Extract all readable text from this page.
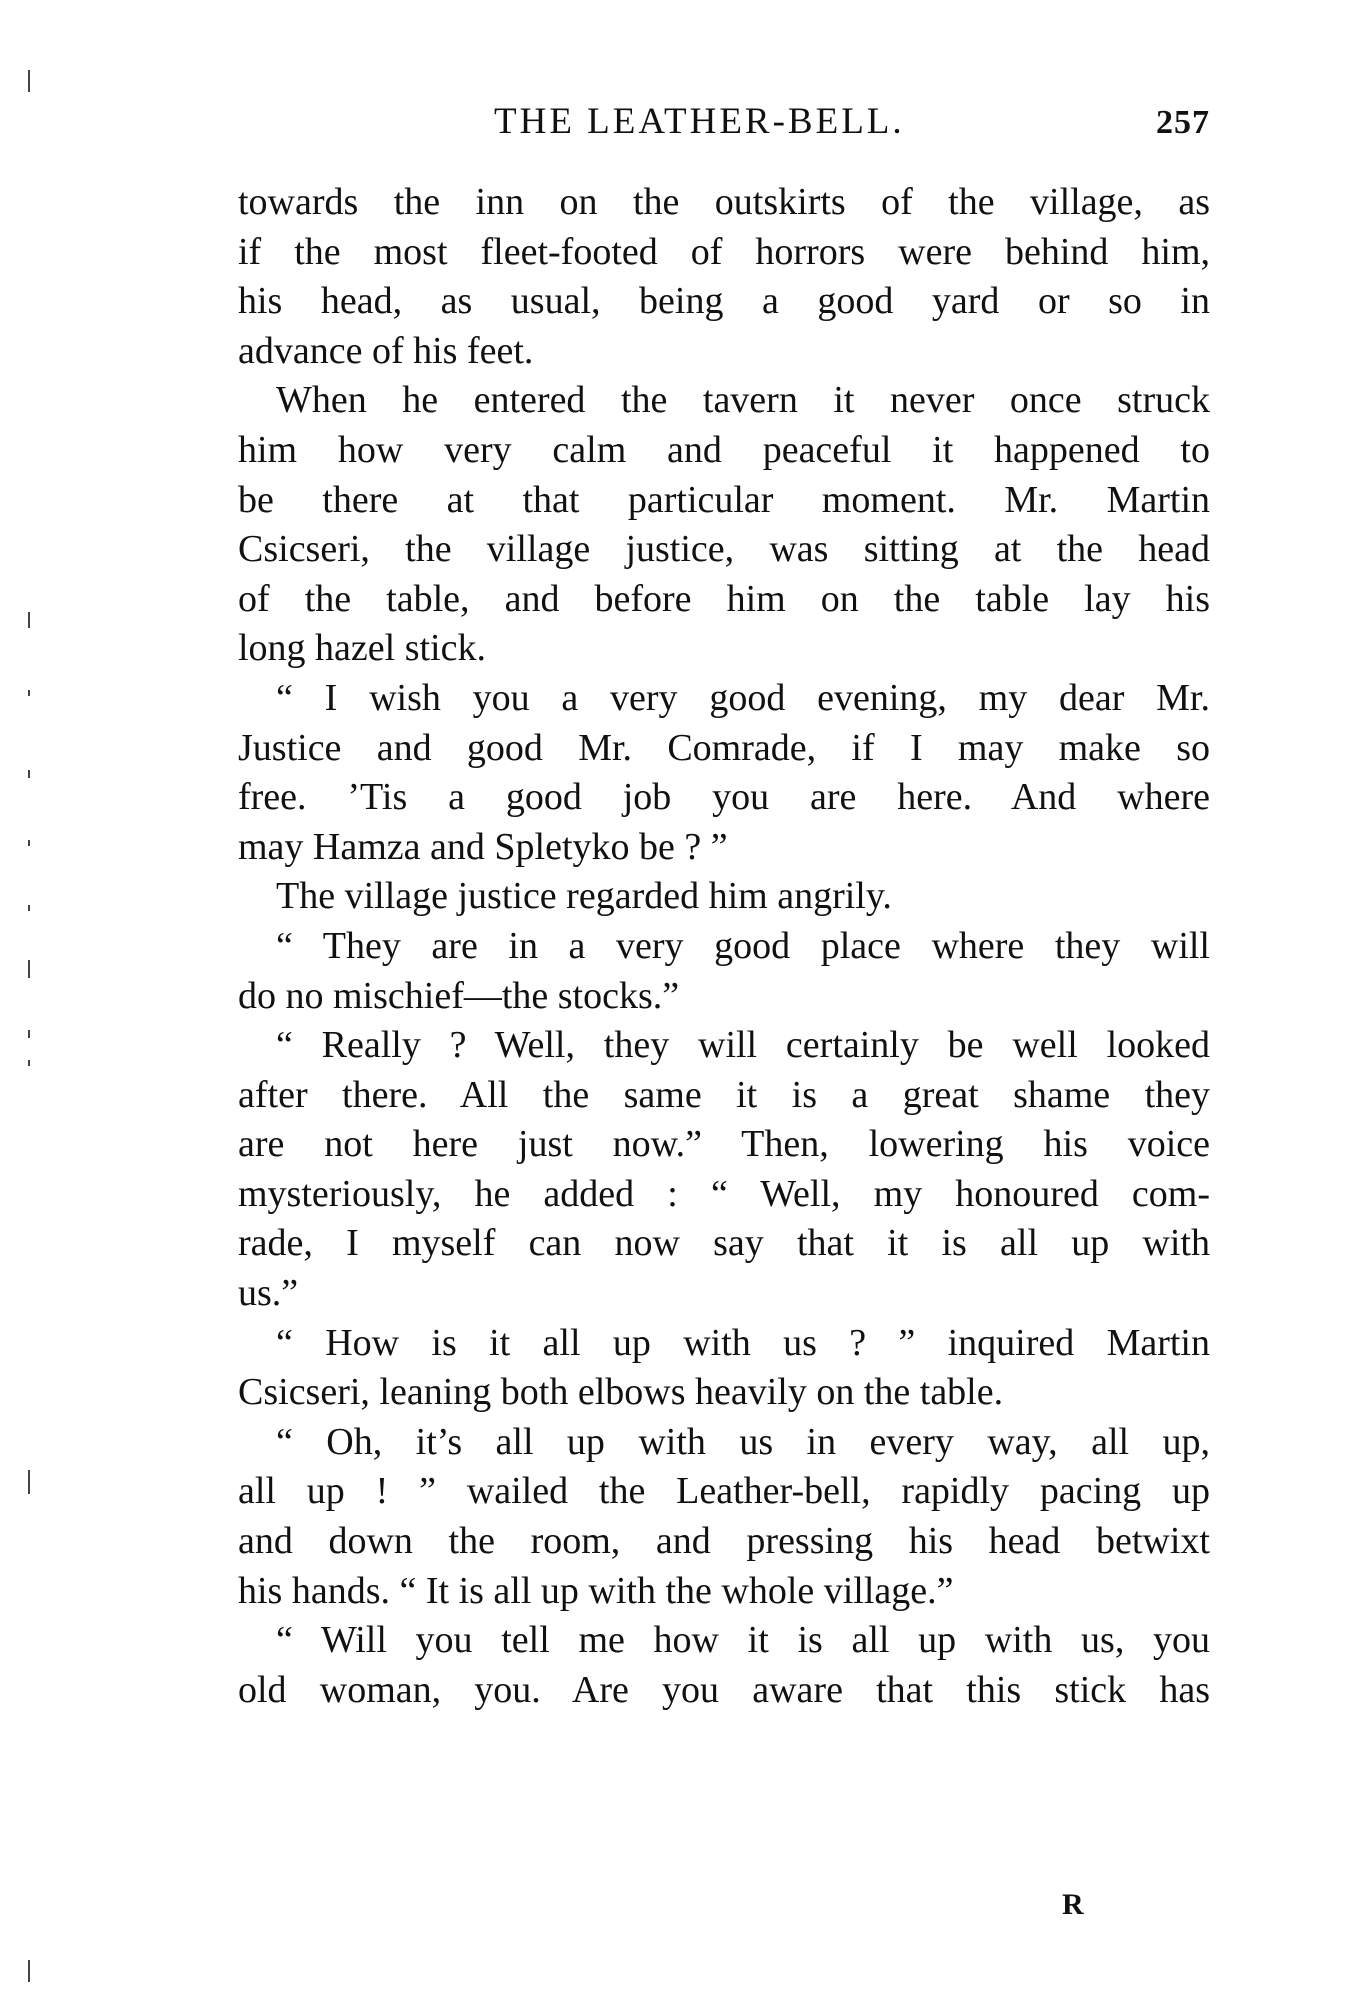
THE LEATHER-BELL.	257
towards the inn on the outskirts of the village, as
if the most fleet-footed of horrors were behind him,
his head, as usual, being a good yard or so in
advance of his feet.
When he entered the tavern it never once struck
him how very calm and peaceful it happened to
be there at that particular moment. Mr. Martin
Csicseri, the village justice, was sitting at the head
of the table, and before him on the table lay his
long hazel stick.
“ I wish you a very good evening, my dear Mr.
Justice and good Mr. Comrade, if I may make so
free. ’Tis a good job you are here. And where
may Hamza and Spletyko be ? ”
The village justice regarded him angrily.
“ They are in a very good place where they will
do no mischief—the stocks.”
“ Really ? Well, they will certainly be well looked
after there. All the same it is a great shame they
are not here just now.” Then, lowering his voice
mysteriously, he added : “ Well, my honoured com-
rade, I myself can now say that it is all up with
us.”
“ How is it all up with us ? ” inquired Martin
Csicseri, leaning both elbows heavily on the table.
“ Oh, it’s all up with us in every way, all up,
all up ! ” wailed the Leather-bell, rapidly pacing up
and down the room, and pressing his head betwixt
his hands. “ It is all up with the whole village.”
“ Will you tell me how it is all up with us, you
old woman, you. Are you aware that this stick has
R
